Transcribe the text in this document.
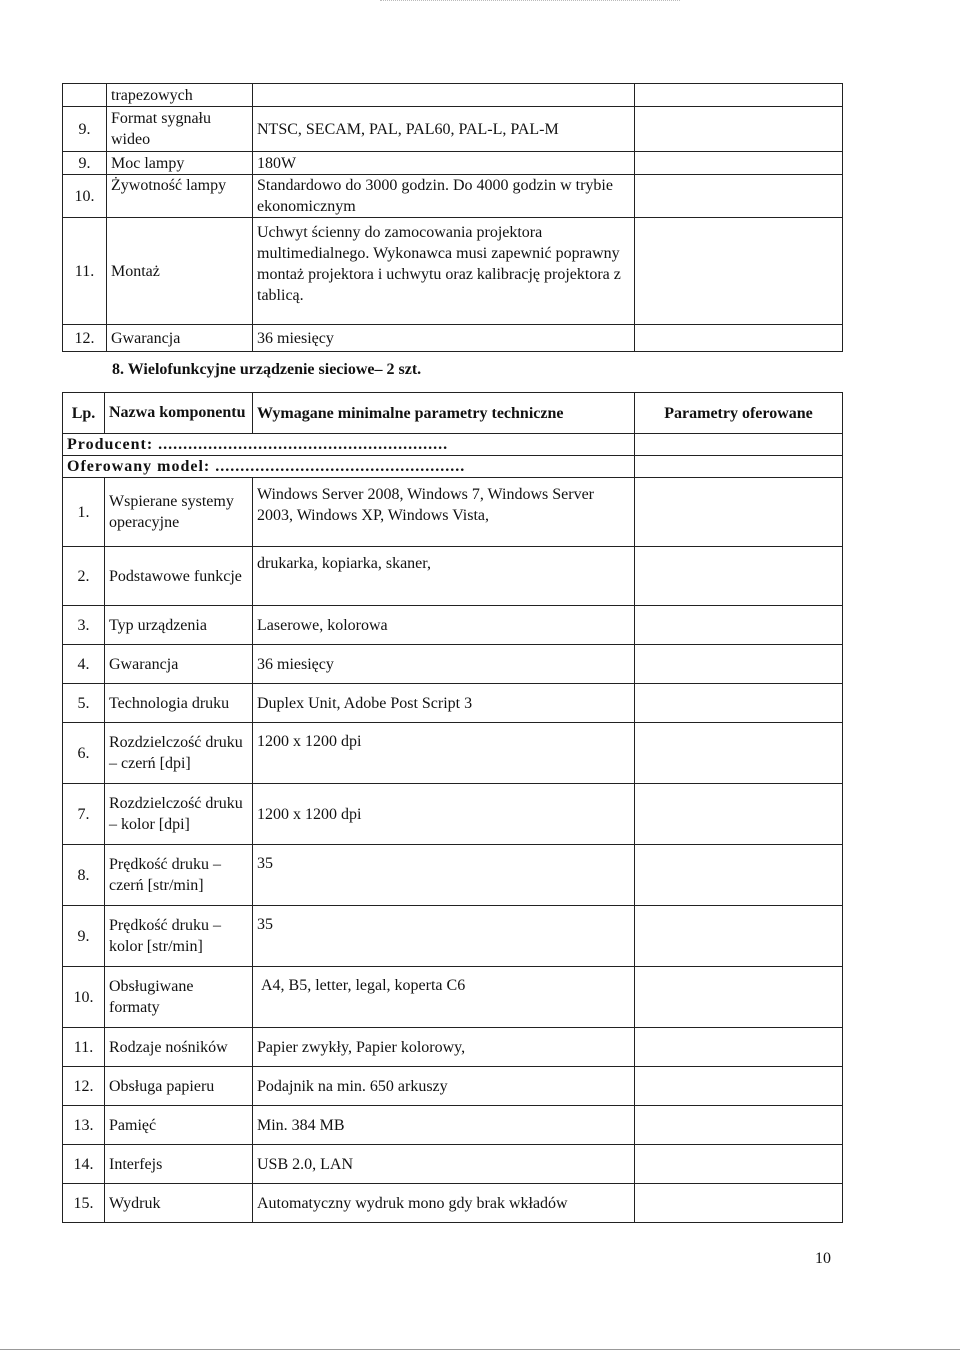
	trapezowych		
9.	Format sygnału wideo	NTSC, SECAM, PAL, PAL60, PAL-L, PAL-M	
9.	Moc lampy	180W	
10.	Żywotność lampy	Standardowo do 3000 godzin. Do 4000 godzin w trybie ekonomicznym	
11.	Montaż	Uchwyt ścienny do zamocowania projektora multimedialnego. Wykonawca musi zapewnić poprawny montaż projektora i uchwytu oraz kalibrację projektora z tablicą.	
12.	Gwarancja	36 miesięcy	
8. Wielofunkcyjne urządzenie sieciowe– 2 szt.
Lp.	Nazwa komponentu	Wymagane minimalne parametry techniczne	Parametry oferowane
Producent: ..........................................................			
Oferowany model: ..................................................			
1.	Wspierane systemy operacyjne	Windows Server 2008, Windows 7, Windows Server 2003, Windows XP, Windows Vista,	
2.	Podstawowe funkcje	drukarka, kopiarka, skaner,	
3.	Typ urządzenia	Laserowe, kolorowa	
4.	Gwarancja	36 miesięcy	
5.	Technologia druku	Duplex Unit, Adobe Post Script 3	
6.	Rozdzielczość druku – czerń [dpi]	1200 x 1200 dpi	
7.	Rozdzielczość druku – kolor [dpi]	1200 x 1200 dpi	
8.	Prędkość druku – czerń [str/min]	35	
9.	Prędkość druku – kolor [str/min]	35	
10.	Obsługiwane formaty	A4, B5, letter, legal, koperta C6	
11.	Rodzaje nośników	Papier zwykły, Papier kolorowy,	
12.	Obsługa papieru	Podajnik na min. 650 arkuszy	
13.	Pamięć	Min. 384 MB	
14.	Interfejs	USB 2.0, LAN	
15.	Wydruk	Automatyczny wydruk mono gdy brak wkładów	
10
